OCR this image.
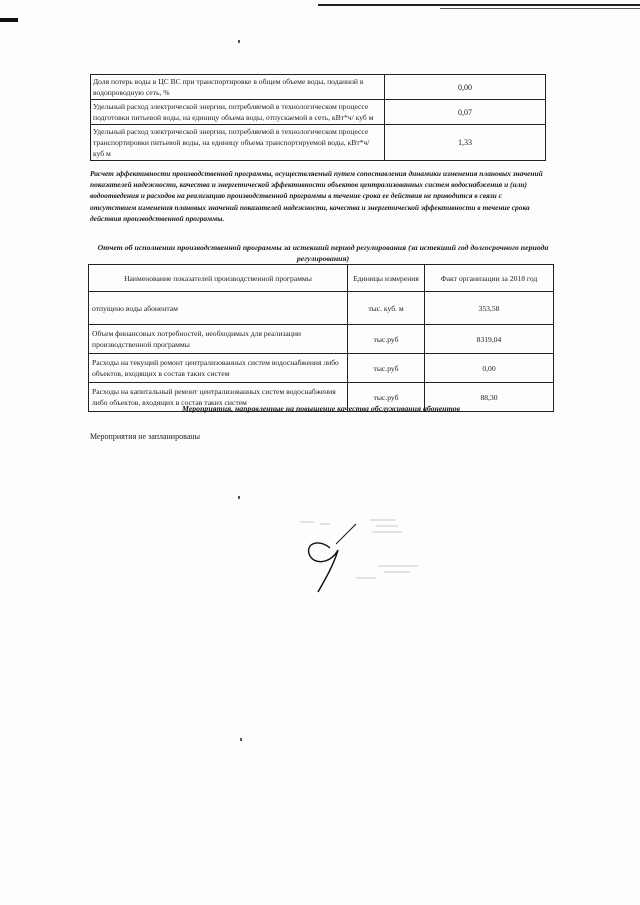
Доля потерь воды в ЦС ВС при транспортировке в общем объеме воды, поданной в водопроводную сеть, %	0,00
Удельный расход электрической энергии, потребляемой в технологическом процессе подготовки питьевой воды, на единицу объема воды, отпускаемой в сеть, кВт*ч/ куб м	0,07
Удельный расход электрической энергии, потребляемой в технологическом процессе транспортировки питьевой воды, на единицу объема транспортируемой воды, кВт*ч/ куб м	1,33

Расчет эффективности производственной программы, осуществляемый путем сопоставления динамики изменения плановых значений показателей надежности, качества и энергетической эффективности объектов централизованных систем водоснабжения и (или) водоотведения и расходов на реализацию производственной программы в течение срока ее действия не приводится в связи с отсутствием изменения плановых значений показателей надежности, качества и энергетической эффективности в течение срока действия производственной программы.

Отчет об исполнении производственной программы за истекший период регулирования (за истекший год долгосрочного периода регулирования)

Наименование показателей производственной программы	Единицы измерения	Факт организации за 2018 год
отпущено воды абонентам	тыс. куб. м	353,58
Объем финансовых потребностей, необходимых для реализации производственной программы	тыс.руб	8319,04
Расходы на текущий ремонт централизованных систем водоснабжения либо объектов, входящих в состав таких систем	тыс.руб	0,00
Расходы на капитальный ремонт централизованных систем водоснабжения либо объектов, входящих в состав таких систем	тыс.руб	88,30

Мероприятия, направленные на повышение качества обслуживания абонентов

Мероприятия не запланированы
